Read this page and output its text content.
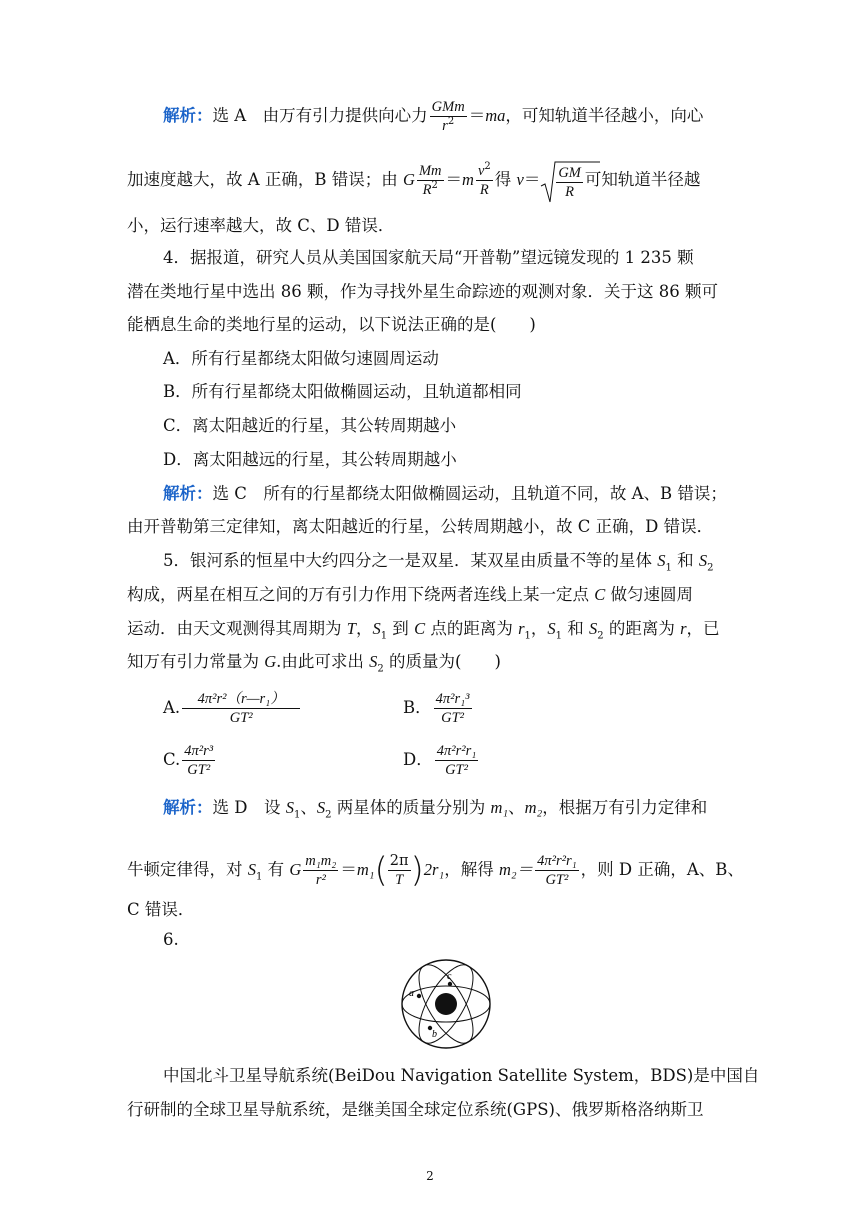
解析：选 A　由万有引力提供向心力 $\frac{\text{GMm}}{r^2} =ma$，可知轨道半径越小，向心
加速度越大，故 A 正确，B 错误；由 G $\frac{Mm}{R^2} =m \frac{v^2}{R}$ 得 $v= \frac{GM}{R}$ 可知轨道半径越
小，运行速率越大，故 C、D 错误．
4．据报道，研究人员从美国国家航天局“开普勒”望远镜发现的 1 235 颗
潜在类地行星中选出 86 颗，作为寻找外星生命踪迹的观测对象．关于这 86 颗可
能栖息生命的类地行星的运动，以下说法正确的是(　　)
A．所有行星都绕太阳做匀速圆周运动
B．所有行星都绕太阳做椭圆运动，且轨道都相同
C．离太阳越近的行星，其公转周期越小
D．离太阳越远的行星，其公转周期越小
解析：选 C　所有的行星都绕太阳做椭圆运动，且轨道不同，故 A、B 错误；
由开普勒第三定律知，离太阳越近的行星，公转周期越小，故 C 正确，D 错误．
5．银河系的恒星中大约四分之一是双星．某双星由质量不等的星体 $S_1$ 和 $S_2$
构成，两星在相互之间的万有引力作用下绕两者连线上某一定点 C 做匀速圆周
运动．由天文观测得其周期为 T，$S_1$ 到 C 点的距离为 $r_1$，$S_1$ 和 $S_2$ 的距离为 r，已
知万有引力常量为 G.由此可求出 $S_2$ 的质量为(　　)
A. $\frac{\text{4π²r²（r—r₁）}}{\text{GT²}}$	B． $\frac{\text{4π²r₁³}}{\text{GT²}}$
C. $\frac{\text{4π²r³}}{\text{GT²}}$	D． $\frac{\text{4π²r²r₁}}{\text{GT²}}$
解析：选 D　设 $S_1$、$S_2$ 两星体的质量分别为 m₁、m₂，根据万有引力定律和
牛顿定律得，对 $S_1$ 有 G $\frac{\text{m₁m₂}}{\text{r²}} =m_1( \frac{2\pi}{T} )2r_1$，解得 $m_2= \frac{\text{4π²r²r₁}}{\text{GT²}}$ ，则 D 正确，A、B、
C 错误．
6.
a
c
b
中国北斗卫星导航系统(BeiDou Navigation Satellite System，BDS)是中国自
行研制的全球卫星导航系统，是继美国全球定位系统(GPS)、俄罗斯格洛纳斯卫
2
